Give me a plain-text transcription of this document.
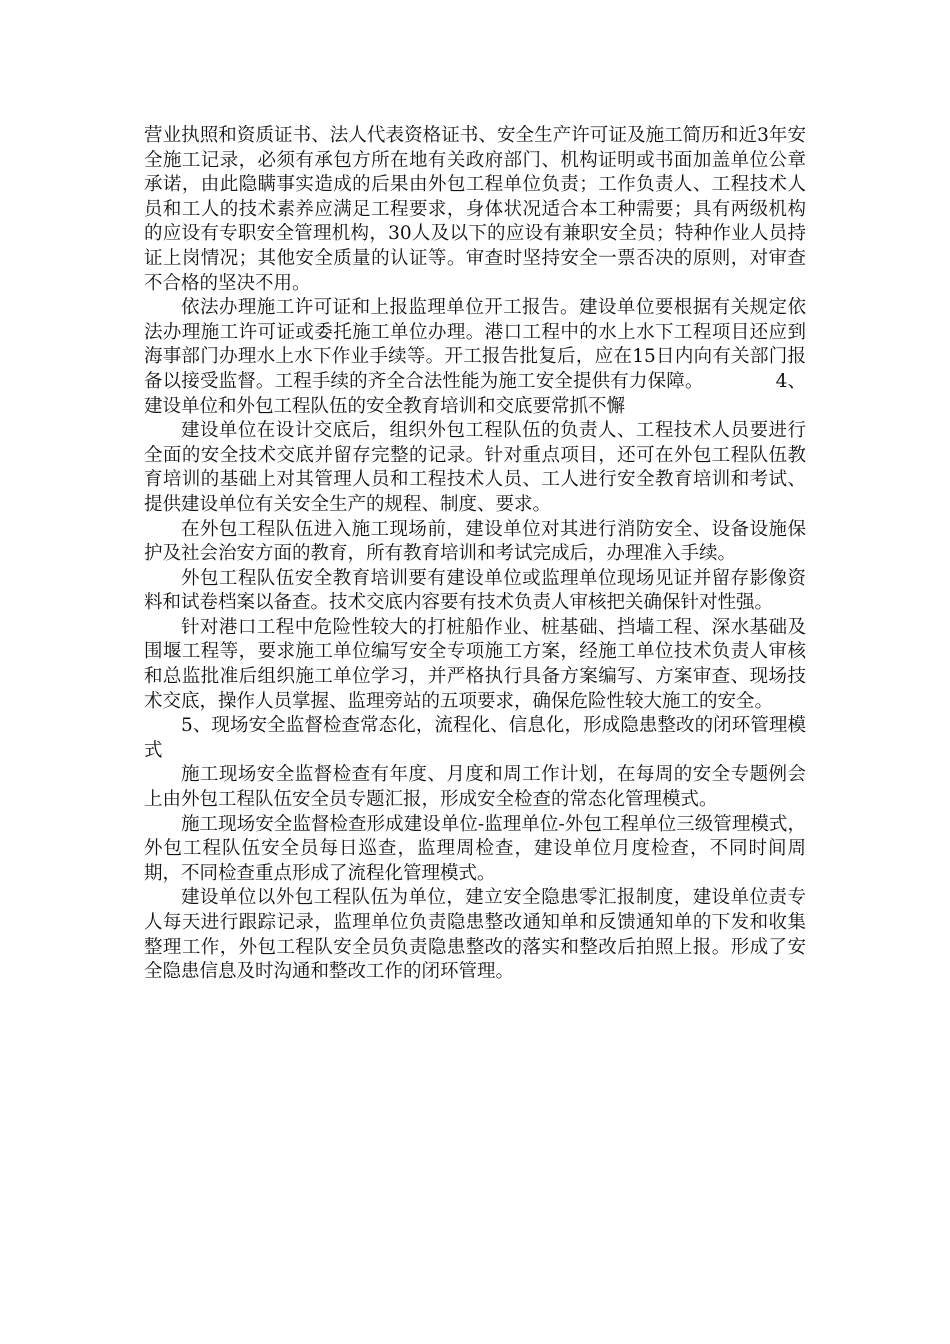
营业执照和资质证书、法人代表资格证书、安全生产许可证及施工简历和近3年安全施工记录，必须有承包方所在地有关政府部门、机构证明或书面加盖单位公章承诺，由此隐瞒事实造成的后果由外包工程单位负责；工作负责人、工程技术人员和工人的技术素养应满足工程要求，身体状况适合本工种需要；具有两级机构的应设有专职安全管理机构，30人及以下的应设有兼职安全员；特种作业人员持证上岗情况；其他安全质量的认证等。审查时坚持安全一票否决的原则，对审查不合格的坚决不用。

依法办理施工许可证和上报监理单位开工报告。建设单位要根据有关规定依法办理施工许可证或委托施工单位办理。港口工程中的水上水下工程项目还应到海事部门办理水上水下作业手续等。开工报告批复后，应在15日内向有关部门报备以接受监督。工程手续的齐全合法性能为施工安全提供有力保障。	4、建设单位和外包工程队伍的安全教育培训和交底要常抓不懈

建设单位在设计交底后，组织外包工程队伍的负责人、工程技术人员要进行全面的安全技术交底并留存完整的记录。针对重点项目，还可在外包工程队伍教育培训的基础上对其管理人员和工程技术人员、工人进行安全教育培训和考试、提供建设单位有关安全生产的规程、制度、要求。

在外包工程队伍进入施工现场前，建设单位对其进行消防安全、设备设施保护及社会治安方面的教育，所有教育培训和考试完成后，办理准入手续。

外包工程队伍安全教育培训要有建设单位或监理单位现场见证并留存影像资料和试卷档案以备查。技术交底内容要有技术负责人审核把关确保针对性强。

针对港口工程中危险性较大的打桩船作业、桩基础、挡墙工程、深水基础及围堰工程等，要求施工单位编写安全专项施工方案，经施工单位技术负责人审核和总监批准后组织施工单位学习，并严格执行具备方案编写、方案审查、现场技术交底，操作人员掌握、监理旁站的五项要求，确保危险性较大施工的安全。

5、现场安全监督检查常态化，流程化、信息化，形成隐患整改的闭环管理模式

施工现场安全监督检查有年度、月度和周工作计划，在每周的安全专题例会上由外包工程队伍安全员专题汇报，形成安全检查的常态化管理模式。

施工现场安全监督检查形成建设单位-监理单位-外包工程单位三级管理模式，外包工程队伍安全员每日巡查，监理周检查，建设单位月度检查，不同时间周期，不同检查重点形成了流程化管理模式。

建设单位以外包工程队伍为单位，建立安全隐患零汇报制度，建设单位责专人每天进行跟踪记录，监理单位负责隐患整改通知单和反馈通知单的下发和收集整理工作，外包工程队安全员负责隐患整改的落实和整改后拍照上报。形成了安全隐患信息及时沟通和整改工作的闭环管理。
